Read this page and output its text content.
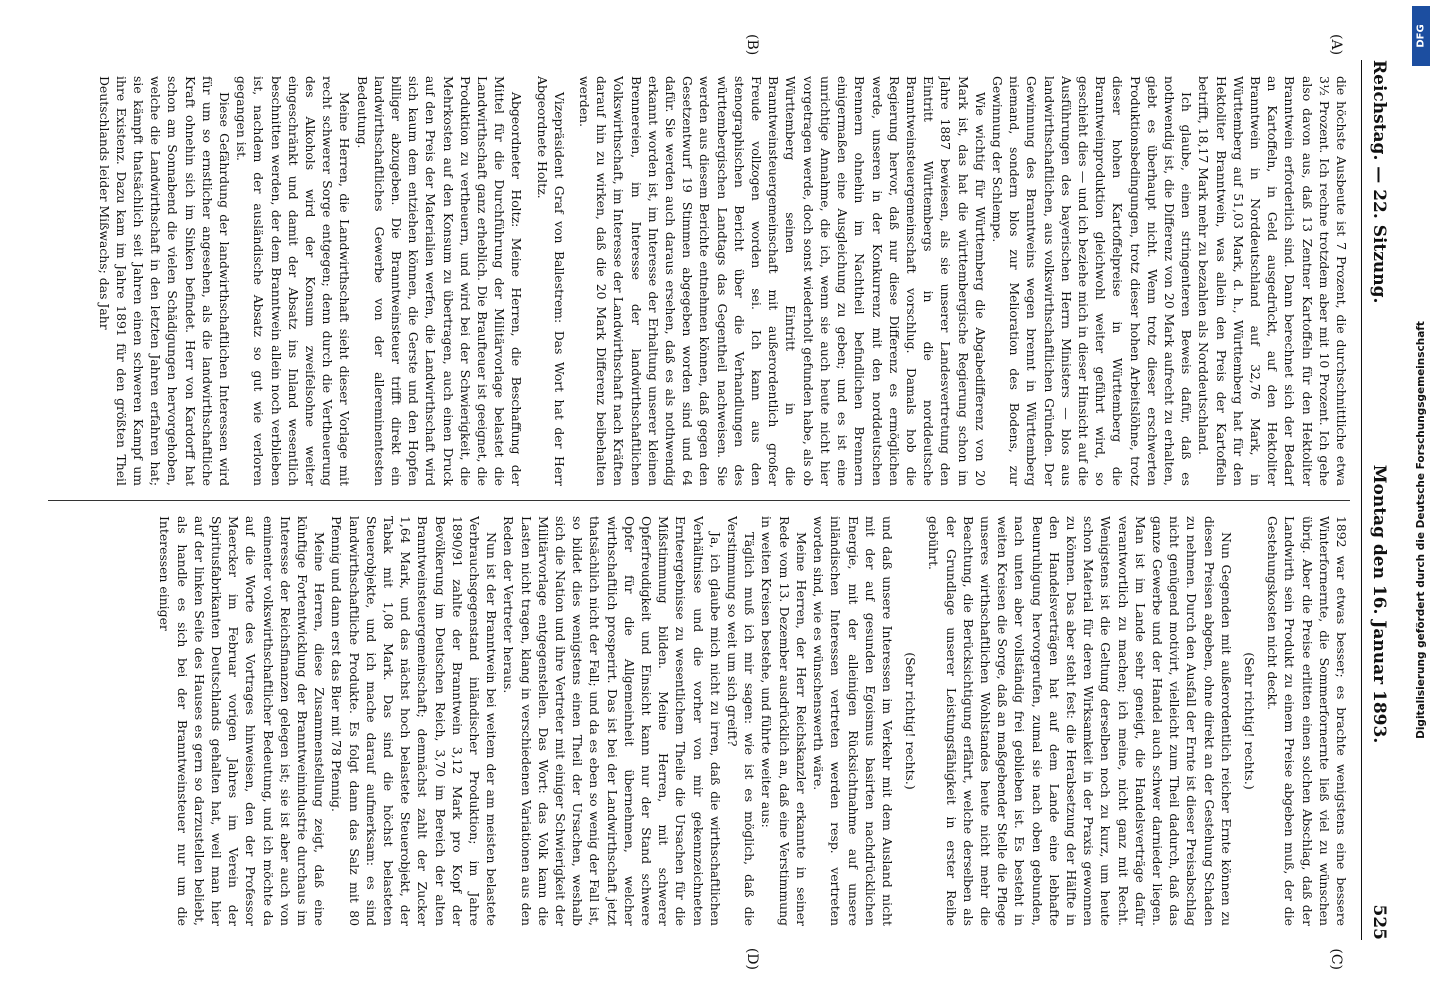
Reichstag. — 22. Sitzung.
Montag den 16. Januar 1893.
525
(A)
(B)
(C)
(D)

die höchste Ausbeute ist 7 Prozent, die durchschnittliche etwa 3½ Prozent. Ich rechne trotzdem aber mit 10 Prozent. Ich gehe also davon aus, daß 13 Zentner Kartoffeln für den Hektoliter Branntwein erforderlich sind. Dann berechnet sich der Bedarf an Kartoffeln, in Geld ausgedrückt, auf den Hektoliter Branntwein in Norddeutschland auf 32,76 Mark, in Württemberg auf 51,03 Mark, d. h., Württemberg hat für den Hektoliter Branntwein, was allein den Preis der Kartoffeln betrifft, 18,17 Mark mehr zu bezahlen als Norddeutschland.

Ich glaube, einen stringenteren Beweis dafür, daß es nothwendig ist, die Differenz von 20 Mark aufrecht zu erhalten, giebt es überhaupt nicht. Wenn trotz dieser erschwerten Produktionsbedingungen, trotz dieser hohen Arbeitslöhne, trotz dieser hohen Kartoffelpreise in Württemberg die Branntweinproduktion gleichwohl weiter geführt wird, so geschieht dies — und ich beziehe mich in dieser Hinsicht auf die Ausführungen des bayerischen Herrn Ministers — blos aus landwirthschaftlichen, aus volkswirthschaftlichen Gründen. Der Gewinnung des Branntweins wegen brennt in Württemberg niemand, sondern blos zur Melioration des Bodens, zur Gewinnung der Schlempe.

Wie wichtig für Württemberg die Abgabedifferenz von 20 Mark ist, das hat die württembergische Regierung schon im Jahre 1887 bewiesen, als sie unserer Landesvertretung den Eintritt Württembergs in die norddeutsche Branntweinsteuergemeinschaft vorschlug. Damals hob die Regierung hervor, daß nur diese Differenz es ermöglichen werde, unseren in der Konkurrenz mit den norddeutschen Brennern ohnehin im Nachtheil befindlichen Brennern einigermaßen eine Ausgleichung zu geben; und es ist eine unrichtige Annahme, die ich, wenn sie auch heute nicht hier vorgetragen werde, doch sonst wiederholt gefunden habe, als ob Württemberg seinen Eintritt in die Branntweinsteuergemeinschaft mit außerordentlich großer Freude vollzogen worden sei. Ich kann aus den stenographischen Bericht über die Verhandlungen des württembergischen Landtags das Gegentheil nachweisen. Sie werden aus diesem Berichte entnehmen können, daß gegen den Gesetzentwurf 19 Stimmen abgegeben worden sind und 64 dafür. Sie werden auch daraus ersehen, daß es als nothwendig erkannt worden ist, im Interesse der Erhaltung unserer kleinen Brennereien, im Interesse der landwirthschaftlichen Volkswirthschaft, im Interesse der Landwirthschaft nach Kräften darauf hin zu wirken, daß die 20 Mark Differenz beibehalten werden.

Vizepräsident Graf von Ballestrem: Das Wort hat der Herr Abgeordnete Holtz.

Abgeordneter Holtz: Meine Herren, die Beschaffung der Mittel für die Durchführung der Militärvorlage belastet die Landwirthschaft ganz erheblich. Die Braufteuer ist geeignet, die Produktion zu vertheuern, und wird bei der Schwierigkeit, die Mehrkosten auf den Konsum zu übertragen, auch einen Druck auf den Preis der Materialien werfen, die Landwirthschaft wird sich kaum dem entziehen können, die Gerste und den Hopfen billiger abzugeben. Die Branntweinsteuer trifft direkt ein landwirthschaftliches Gewerbe von der allereminentesten Bedeutung.

Meine Herren, die Landwirthschaft sieht dieser Vorlage mit recht schwerer Sorge entgegen; denn durch die Vertheuerung des Alkohols wird der Konsum zweifelsohne weiter eingeschränkt und damit der Absatz ins Inland wesentlich beschnitten werden, der dem Branntwein allein noch verblieben ist, nachdem der ausländische Absatz so gut wie verloren gegangen ist.

Diese Gefährdung der landwirthschaftlichen Interessen wird für um so ernstlicher angesehen, als die landwirthschaftliche Kraft ohnehin sich im Sinken befindet. Herr von Kardorff hat schon am Sonnabend die vielen Schädigungen hervorgehoben, welche die Landwirthschaft in den letzten Jahren erfahren hat; sie kämpft thatsächlich seit Jahren einen schweren Kampf um ihre Existenz. Dazu kam im Jahre 1891 für den größten Theil Deutschlands leider Mißwachs; das Jahr

1892 war etwas besser; es brachte wenigstens eine bessere Winterfornernte, die Sommerfornernte ließ viel zu wünschen übrig. Aber die Preise erlitten einen solchen Abschlag, daß der Landwirth sein Produkt zu einem Preise abgeben muß, der die Gestehungskosten nicht deckt.

(Sehr richtig! rechts.)

Nun Gegenden mit außerordentlich reicher Ernte können zu diesen Preisen abgeben, ohne direkt an der Gestehung Schaden zu nehmen. Durch den Ausfall der Ernte ist dieser Preisabschlag nicht genügend motivirt, vielleicht zum Theil dadurch, daß das ganze Gewerbe und der Handel auch schwer darnieder liegen. Man ist im Lande sehr geneigt, die Handelsverträge dafür verantwortlich zu machen; ich meine, nicht ganz mit Recht. Wenigstens ist die Geltung derselben noch zu kurz, um heute schon Material für deren Wirksamkeit in der Praxis gewonnen zu können. Das aber steht fest: die Herabsetzung der Hälfte in den Handelsverträgen hat auf dem Lande eine lebhafte Beunruhigung hervorgerufen, zumal sie nach oben gebunden, nach unten aber vollständig frei geblieben ist. Es besteht in weiten Kreisen die Sorge, daß an maßgebender Stelle die Pflege unseres wirthschaftlichen Wohlstandes heute nicht mehr die Beachtung, die Berücksichtigung erfährt, welche derselben als der Grundlage unserer Leistungsfähigkeit in erster Reihe gebührt.

(Sehr richtig! rechts.)

und daß unsere Interessen im Verkehr mit dem Ausland nicht mit der auf gesunden Egoismus basirten nachdrücklichen Energie, mit der alleinigen Rücksichtnahme auf unsere inländischen Interessen vertreten werden resp. vertreten worden sind, wie es wünschenswerth wäre.

Meine Herren, der Herr Reichskanzler erkannte in seiner Rede vom 13. Dezember ausdrücklich an, daß eine Verstimmung in weiten Kreisen bestehe, und führte weiter aus:

Täglich muß ich mir sagen: wie ist es möglich, daß die Verstimmung so weit um sich greift?

Ja, ich glaube mich nicht zu irren, daß die wirthschaftlichen Verhältnisse und die vorher von mir gekennzeichneten Ernteergebnisse zu wesentlichem Theile die Ursachen für die Mißstimmung bilden. Meine Herren, mit schwerer Opferfreudigkeit und Einsicht kann nur der Stand schwere Opfer für die Allgemeinheit übernehmen, welcher wirthschaftlich prosperirt. Das ist bei der Landwirthschaft jetzt thatsächlich nicht der Fall; und da es eben so wenig der Fall ist, so bildet dies wenigstens einen Theil der Ursachen, weshalb sich die Nation und ihre Vertreter mit einiger Schwierigkeit der Militärvorlage entgegenstellen. Das Wort: das Volk kann die Lasten nicht tragen, klang in verschiedenen Variationen aus den Reden der Vertreter heraus.

Nun ist der Branntwein bei weitem der am meisten belastete Verbrauchsgegenstand inländischer Produktion; im Jahre 1890/91 zahlte der Branntwein 3,12 Mark pro Kopf der Bevölkerung im Deutschen Reich, 3,70 im Bereich der alten Branntweinsteuergemeinschaft; demnächst zahlt der Zucker 1,64 Mark, und das nächst hoch belastete Steuerobjekt, der Tabak mit 1,08 Mark. Das sind die höchst belasteten Steuerobjekte, und ich mache darauf aufmerksam: es sind landwirthschaftliche Produkte. Es folgt dann das Salz mit 80 Pfennig und dann erst das Bier mit 78 Pfennig.

Meine Herren, diese Zusammenstellung zeigt, daß eine künftige Fortentwicklung der Branntweinindustrie durchaus im Interesse der Reichsfinanzen gelegen ist; sie ist aber auch von eminenter volkswirthschaftlicher Bedeutung, und ich möchte da auf die Worte des Vortrages hinweisen, den der Professor Maercker im Februar vorigen Jahres im Verein der Spiritusfabrikanten Deutschlands gehalten hat, weil man hier auf der linken Seite des Hauses es gern so darzustellen beliebt, als handle es sich bei der Branntweinsteuer nur um die Interessen einiger

DFG
Digitalisierung gefördert durch die Deutsche Forschungsgemeinschaft
